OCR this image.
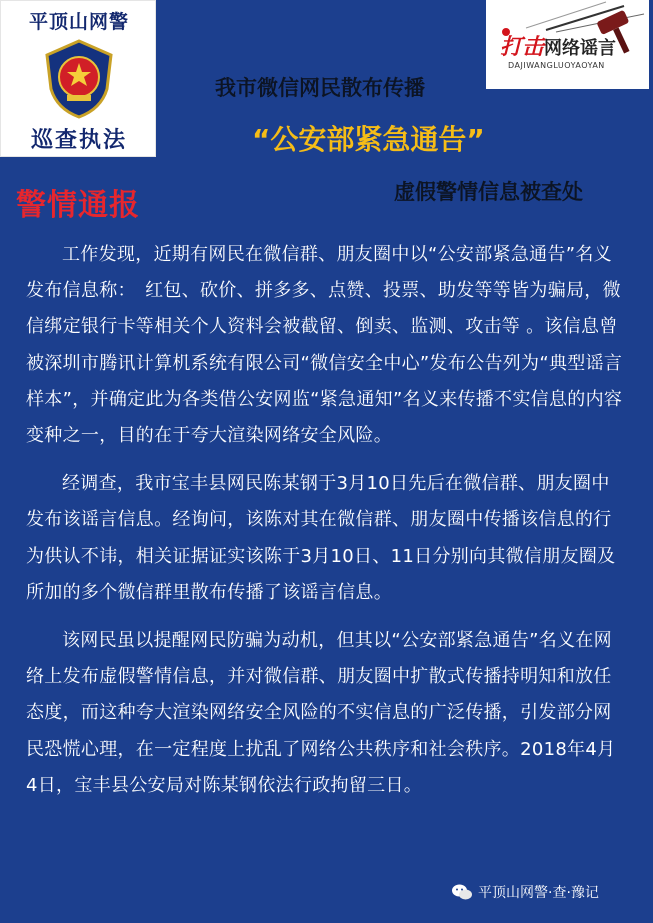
平顶山网警
巡查执法
打击网络谣言
DAJIWANGLUOYAOYAN
我市微信网民散布传播
“公安部紧急通告”
警情通报	虚假警情信息被查处

工作发现，近期有网民在微信群、朋友圈中以“公安部紧急通告”名义发布信息称：　红包、砍价、拼多多、点赞、投票、助发等等皆为骗局，微信绑定银行卡等相关个人资料会被截留、倒卖、监测、攻击等 。该信息曾被深圳市腾讯计算机系统有限公司“微信安全中心”发布公告列为“典型谣言样本”，并确定此为各类借公安网监“紧急通知”名义来传播不实信息的内容变种之一，目的在于夸大渲染网络安全风险。

经调查，我市宝丰县网民陈某钢于3月10日先后在微信群、朋友圈中发布该谣言信息。经询问，该陈对其在微信群、朋友圈中传播该信息的行为供认不讳，相关证据证实该陈于3月10日、11日分别向其微信朋友圈及所加的多个微信群里散布传播了该谣言信息。

该网民虽以提醒网民防骗为动机，但其以“公安部紧急通告”名义在网络上发布虚假警情信息，并对微信群、朋友圈中扩散式传播持明知和放任态度，而这种夸大渲染网络安全风险的不实信息的广泛传播，引发部分网民恐慌心理，在一定程度上扰乱了网络公共秩序和社会秩序。2018年4月4日，宝丰县公安局对陈某钢依法行政拘留三日。

平顶山网警·查·豫记
